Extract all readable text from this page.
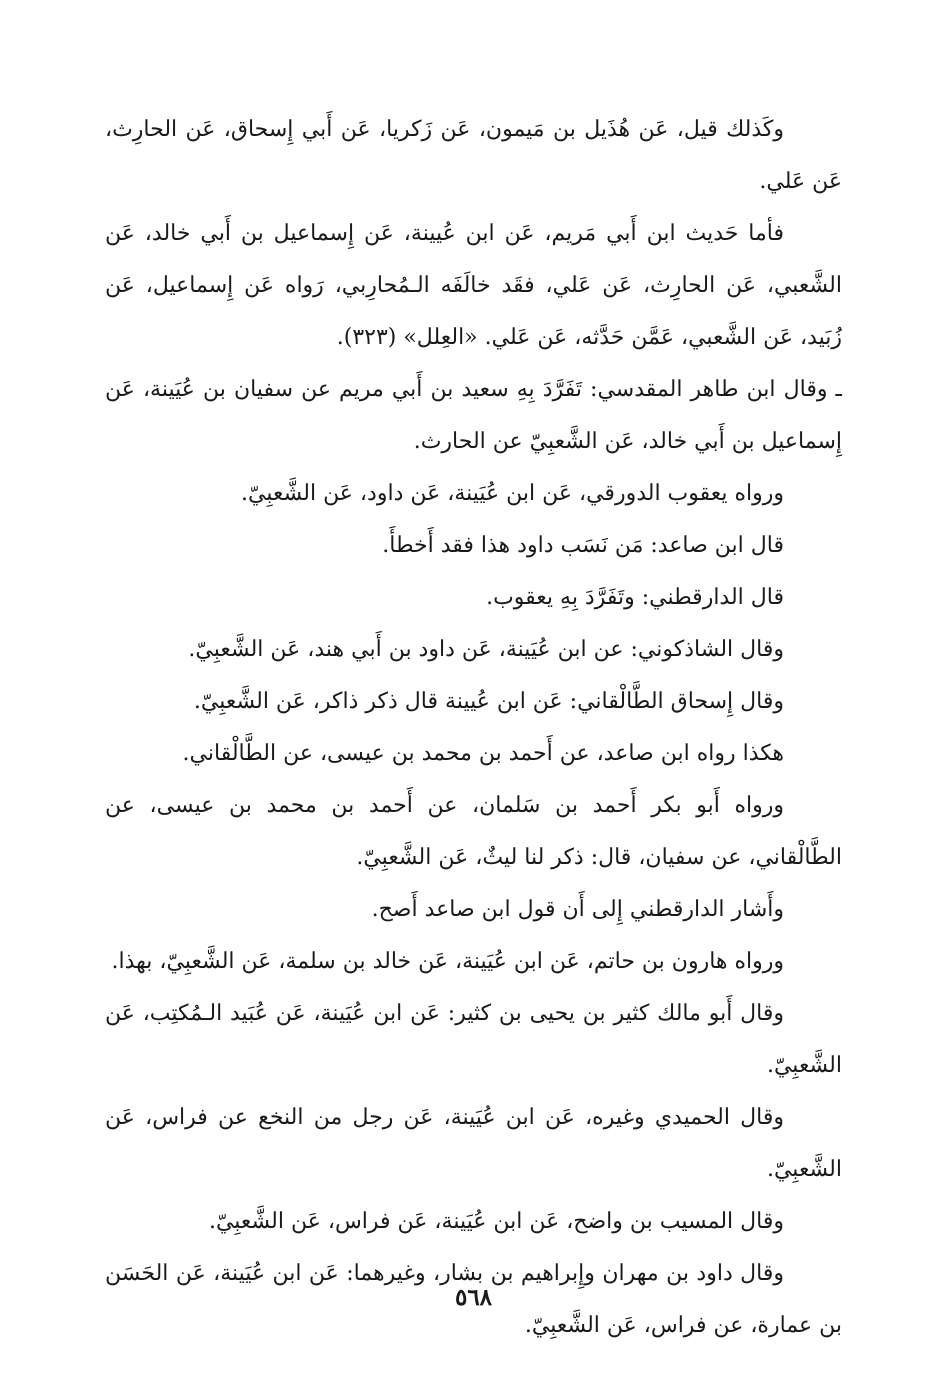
وكَذلك قيل، عَن هُذَيل بن مَيمون، عَن زَكريا، عَن أَبي إِسحاق، عَن الحارِث، عَن عَلي.

فأما حَديث ابن أَبي مَريم، عَن ابن عُيينة، عَن إِسماعيل بن أَبي خالد، عَن الشَّعبي، عَن الحارِث، عَن عَلي، فقَد خالَفَه الـمُحارِبي، رَواه عَن إِسماعيل، عَن زُبَيد، عَن الشَّعبي، عَمَّن حَدَّثه، عَن عَلي. «العِلل» (٣٢٣).

ـ وقال ابن طاهر المقدسي: تَفَرَّدَ بِهِ سعيد بن أَبي مريم عن سفيان بن عُيَينة، عَن إِسماعيل بن أَبي خالد، عَن الشَّعبِيّ عن الحارث.

ورواه يعقوب الدورقي، عَن ابن عُيَينة، عَن داود، عَن الشَّعبِيّ.

قال ابن صاعد: مَن نَسَب داود هذا فقد أَخطأَ.

قال الدارقطني: وتَفَرَّدَ بِهِ يعقوب.

وقال الشاذكوني: عن ابن عُيَينة، عَن داود بن أَبي هند، عَن الشَّعبِيّ.

وقال إِسحاق الطَّالْقاني: عَن ابن عُيينة قال ذكر ذاكر، عَن الشَّعبِيّ.

هكذا رواه ابن صاعد، عن أَحمد بن محمد بن عيسى، عن الطَّالْقاني.

ورواه أَبو بكر أَحمد بن سَلمان، عن أَحمد بن محمد بن عيسى، عن الطَّالْقاني، عن سفيان، قال: ذكر لنا ليثٌ، عَن الشَّعبِيّ.

وأَشار الدارقطني إِلى أَن قول ابن صاعد أَصح.

ورواه هارون بن حاتم، عَن ابن عُيَينة، عَن خالد بن سلمة، عَن الشَّعبِيّ، بهذا.

وقال أَبو مالك كثير بن يحيى بن كثير: عَن ابن عُيَينة، عَن عُبَيد الـمُكتِب، عَن الشَّعبِيّ.

وقال الحميدي وغيره، عَن ابن عُيَينة، عَن رجل من النخع عن فراس، عَن الشَّعبِيّ.

وقال المسيب بن واضح، عَن ابن عُيَينة، عَن فراس، عَن الشَّعبِيّ.

وقال داود بن مهران وإِبراهيم بن بشار، وغيرهما: عَن ابن عُيَينة، عَن الحَسَن بن عمارة، عن فراس، عَن الشَّعبِيّ.

٥٦٨
